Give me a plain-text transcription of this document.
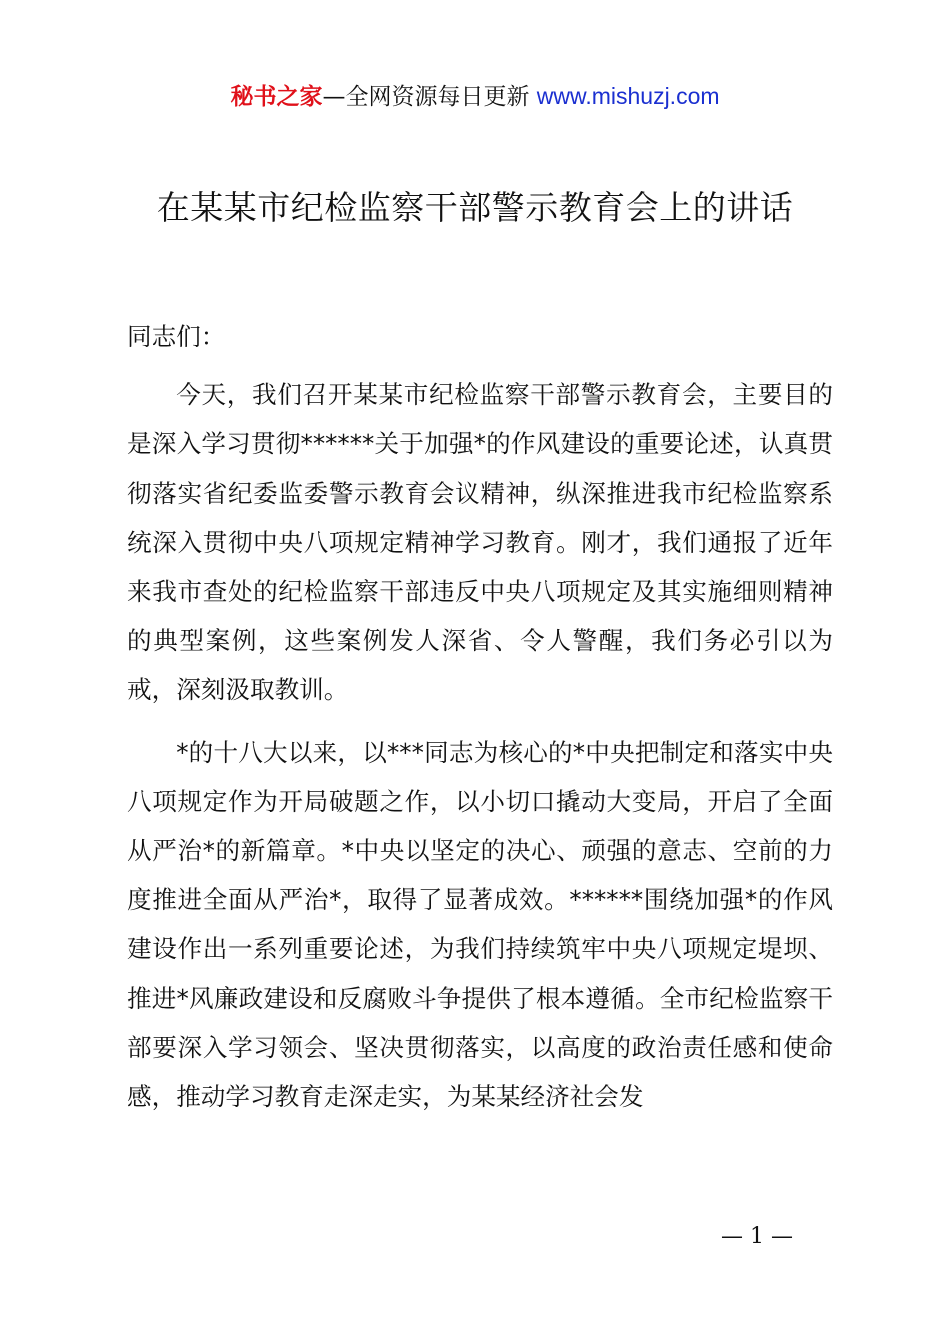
秘书之家—全网资源每日更新 www.mishuzj.com
在某某市纪检监察干部警示教育会上的讲话

同志们：

今天，我们召开某某市纪检监察干部警示教育会，主要目的是深入学习贯彻******关于加强*的作风建设的重要论述，认真贯彻落实省纪委监委警示教育会议精神，纵深推进我市纪检监察系统深入贯彻中央八项规定精神学习教育。刚才，我们通报了近年来我市查处的纪检监察干部违反中央八项规定及其实施细则精神的典型案例，这些案例发人深省、令人警醒，我们务必引以为戒，深刻汲取教训。

*的十八大以来，以***同志为核心的*中央把制定和落实中央八项规定作为开局破题之作，以小切口撬动大变局，开启了全面从严治*的新篇章。*中央以坚定的决心、顽强的意志、空前的力度推进全面从严治*，取得了显著成效。******围绕加强*的作风建设作出一系列重要论述，为我们持续筑牢中央八项规定堤坝、推进*风廉政建设和反腐败斗争提供了根本遵循。全市纪检监察干部要深入学习领会、坚决贯彻落实，以高度的政治责任感和使命感，推动学习教育走深走实，为某某经济社会发

— 1 —
